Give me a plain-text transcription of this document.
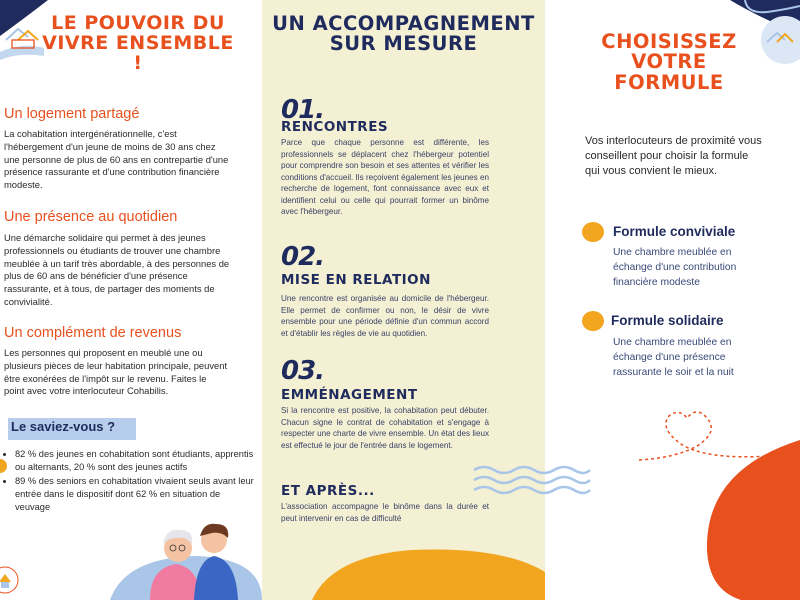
LE POUVOIR DU VIVRE ENSEMBLE !
Un logement partagé
La cohabitation intergénérationnelle, c'est l'hébergement d'un jeune de moins de 30 ans chez une personne de plus de 60 ans en contrepartie d'une présence rassurante et d'une contribution financière modeste.
Une présence au quotidien
Une démarche solidaire qui permet à des jeunes professionnels ou étudiants de trouver une chambre meublée à un tarif très abordable, à des personnes de plus de 60 ans de bénéficier d'une présence rassurante, et à tous, de partager des moments de convivialité.
Un complément de revenus
Les personnes qui proposent en meublé une ou plusieurs pièces de leur habitation principale, peuvent être exonérées de l'impôt sur le revenu. Faites le point avec votre interlocuteur Cohabilis.
Le saviez-vous ?
• 82 % des jeunes en cohabitation sont étudiants, apprentis ou alternants, 20 % sont des jeunes actifs
• 89 % des seniors en cohabitation vivaient seuls avant leur entrée dans le dispositif dont 62 % en situation de veuvage
UN ACCOMPAGNEMENT SUR MESURE
01.
RENCONTRES
Parce que chaque personne est différente, les professionnels se déplacent chez l'hébergeur potentiel pour comprendre son besoin et ses attentes et vérifier les conditions d'accueil. Ils reçoivent également les jeunes en recherche de logement, font connaissance avec eux et identifient celui ou celle qui pourrait former un binôme avec l'hébergeur.
02.
MISE EN RELATION
Une rencontre est organisée au domicile de l'hébergeur. Elle permet de confirmer ou non, le désir de vivre ensemble pour une période définie d'un commun accord et d'établir les règles de vie au quotidien.
03.
EMMÉNAGEMENT
Si la rencontre est positive, la cohabitation peut débuter. Chacun signe le contrat de cohabitation et s'engage à respecter une charte de vivre ensemble. Un état des lieux est effectué le jour de l'entrée dans le logement.
ET APRÈS...
L'association accompagne le binôme dans la durée et peut intervenir en cas de difficulté
CHOISISSEZ VOTRE FORMULE
Vos interlocuteurs de proximité vous conseillent pour choisir la formule qui vous convient le mieux.
Formule conviviale
Une chambre meublée en échange d'une contribution financière modeste
Formule solidaire
Une chambre meublée en échange d'une présence rassurante le soir et la nuit
